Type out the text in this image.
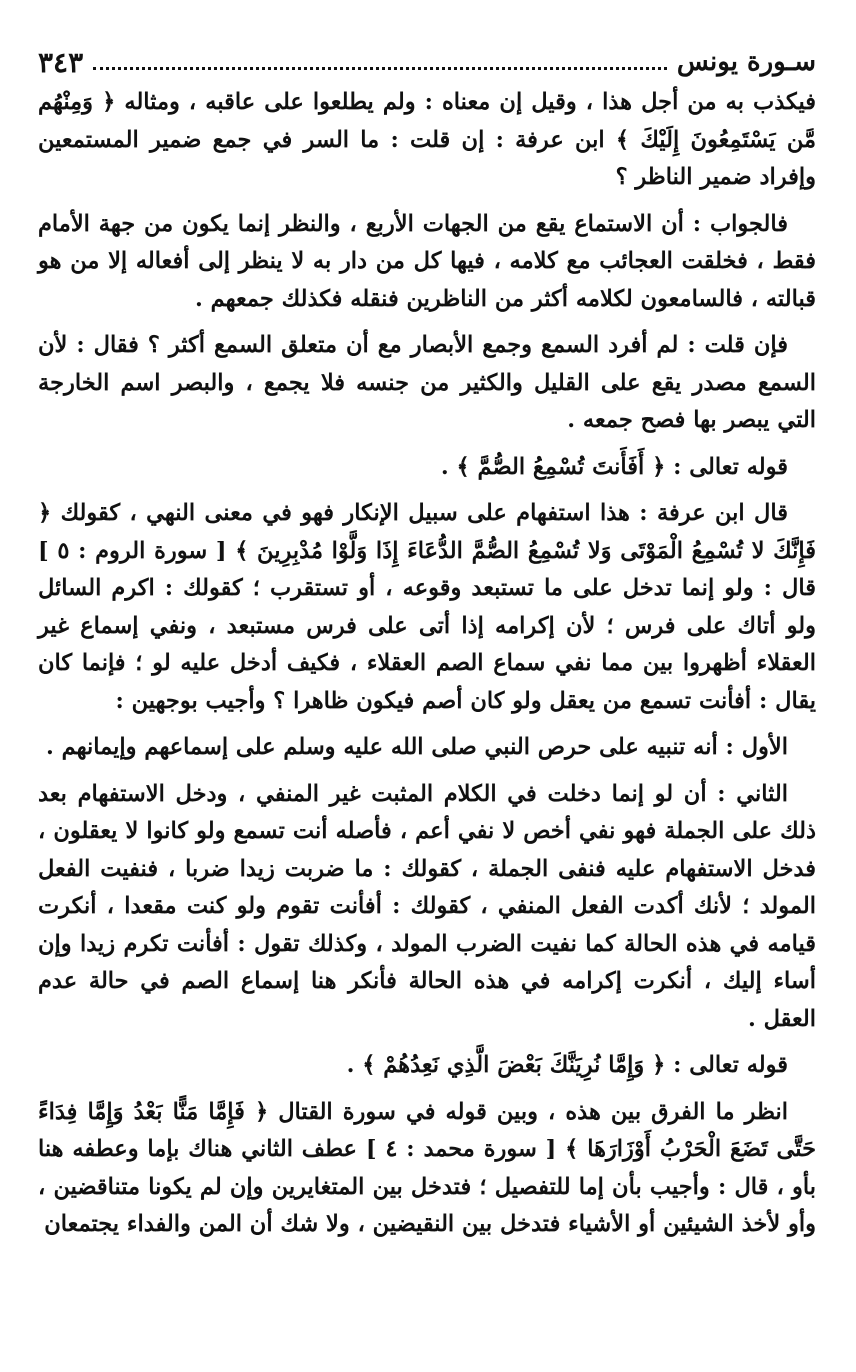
سـورة يونس
٣٤٣

فيكذب به من أجل هذا ، وقيل إن معناه : ولم يطلعوا على عاقبه ، ومثاله ﴿ وَمِنْهُم مَّن يَسْتَمِعُونَ إِلَيْكَ ﴾ ابن عرفة : إن قلت : ما السر في جمع ضمير المستمعين وإفراد ضمير الناظر ؟

فالجواب : أن الاستماع يقع من الجهات الأربع ، والنظر إنما يكون من جهة الأمام فقط ، فخلقت العجائب مع كلامه ، فيها كل من دار به لا ينظر إلى أفعاله إلا من هو قبالته ، فالسامعون لكلامه أكثر من الناظرين فنقله فكذلك جمعهم .

فإن قلت : لم أفرد السمع وجمع الأبصار مع أن متعلق السمع أكثر ؟ فقال : لأن السمع مصدر يقع على القليل والكثير من جنسه فلا يجمع ، والبصر اسم الخارجة التي يبصر بها فصح جمعه .

قوله تعالى : ﴿ أَفَأَنتَ تُسْمِعُ الصُّمَّ ﴾ .

قال ابن عرفة : هذا استفهام على سبيل الإنكار فهو في معنى النهي ، كقولك ﴿ فَإِنَّكَ لا تُسْمِعُ الْمَوْتَى وَلا تُسْمِعُ الصُّمَّ الدُّعَاءَ إِذَا وَلَّوْا مُدْبِرِينَ ﴾ [ سورة الروم : ٥ ] قال : ولو إنما تدخل على ما تستبعد وقوعه ، أو تستقرب ؛ كقولك : اكرم السائل ولو أتاك على فرس ؛ لأن إكرامه إذا أتى على فرس مستبعد ، ونفي إسماع غير العقلاء أظهروا بين مما نفي سماع الصم العقلاء ، فكيف أدخل عليه لو ؛ فإنما كان يقال : أفأنت تسمع من يعقل ولو كان أصم فيكون ظاهرا ؟ وأجيب بوجهين :

الأول : أنه تنبيه على حرص النبي صلى الله عليه وسلم على إسماعهم وإيمانهم .

الثاني : أن لو إنما دخلت في الكلام المثبت غير المنفي ، ودخل الاستفهام بعد ذلك على الجملة فهو نفي أخص لا نفي أعم ، فأصله أنت تسمع ولو كانوا لا يعقلون ، فدخل الاستفهام عليه فنفى الجملة ، كقولك : ما ضربت زيدا ضربا ، فنفيت الفعل المولد ؛ لأنك أكدت الفعل المنفي ، كقولك : أفأنت تقوم ولو كنت مقعدا ، أنكرت قيامه في هذه الحالة كما نفيت الضرب المولد ، وكذلك تقول : أفأنت تكرم زيدا وإن أساء إليك ، أنكرت إكرامه في هذه الحالة فأنكر هنا إسماع الصم في حالة عدم العقل .

قوله تعالى : ﴿ وَإِمَّا نُرِيَنَّكَ بَعْضَ الَّذِي نَعِدُهُمْ ﴾ .

انظر ما الفرق بين هذه ، وبين قوله في سورة القتال ﴿ فَإِمَّا مَنًّا بَعْدُ وَإِمَّا فِدَاءً حَتَّى تَضَعَ الْحَرْبُ أَوْزَارَهَا ﴾ [ سورة محمد : ٤ ] عطف الثاني هناك بإما وعطفه هنا بأو ، قال : وأجيب بأن إما للتفصيل ؛ فتدخل بين المتغايرين وإن لم يكونا متناقضين ، وأو لأخذ الشيئين أو الأشياء فتدخل بين النقيضين ، ولا شك أن المن والفداء يجتمعان
